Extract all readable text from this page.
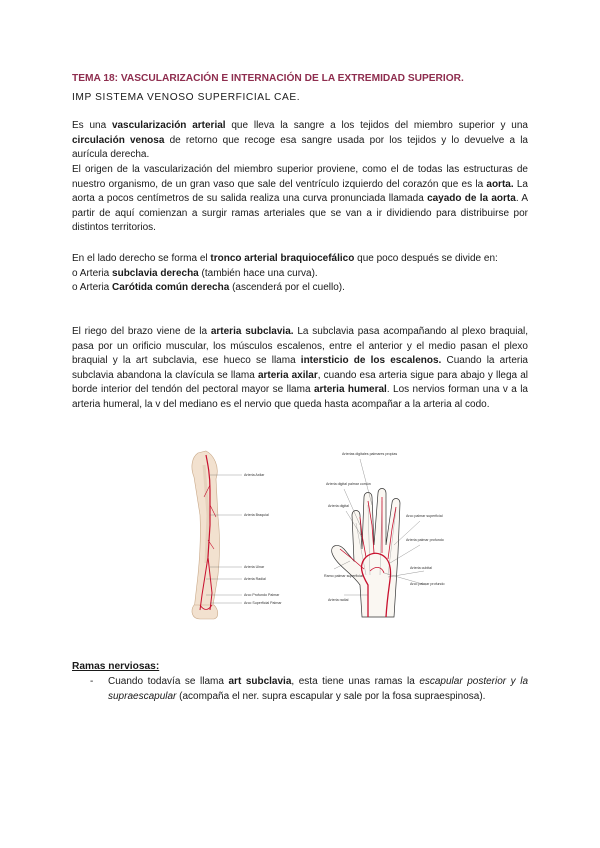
TEMA 18: VASCULARIZACIÓN E INTERNACIÓN DE LA EXTREMIDAD SUPERIOR.
IMP SISTEMA VENOSO SUPERFICIAL CAE.

Es una vascularización arterial que lleva la sangre a los tejidos del miembro superior y una circulación venosa de retorno que recoge esa sangre usada por los tejidos y lo devuelve a la aurícula derecha.

El origen de la vascularización del miembro superior proviene, como el de todas las estructuras de nuestro organismo, de un gran vaso que sale del ventrículo izquierdo del corazón que es la aorta. La aorta a pocos centímetros de su salida realiza una curva pronunciada llamada cayado de la aorta. A partir de aquí comienzan a surgir ramas arteriales que se van a ir dividiendo para distribuirse por distintos territorios.

En el lado derecho se forma el tronco arterial braquiocefálico que poco después se divide en:
o Arteria subclavia derecha (también hace una curva).
o Arteria Carótida común derecha (ascenderá por el cuello).

El riego del brazo viene de la arteria subclavia. La subclavia pasa acompañando al plexo braquial, pasa por un orificio muscular, los músculos escalenos, entre el anterior y el medio pasan el plexo braquial y la art subclavia, ese hueco se llama intersticio de los escalenos. Cuando la arteria subclavia abandona la clavícula se llama arteria axilar, cuando esa arteria sigue para abajo y llega al borde interior del tendón del pectoral mayor se llama arteria humeral. Los nervios forman una v a la arteria humeral, la v del mediano es el nervio que queda hasta acompañar a la arteria al codo.

Arteria Axilar
Arteria Braquial
Arteria Ulnar
Arteria Radial
Arco Profundo Palmar
Arco Superficial Palmar
Arterias digitales palmares propias
Arteria digital palmar común
Arteria digital
Arco palmar superficial
Arteria palmar profundo
Arteria radial
Arteria cubital
Arco palmar profundo
Ramo palmar superficial
Ramas nerviosas:
- Cuando todavía se llama art subclavia, esta tiene unas ramas la escapular posterior y la supraescapular (acompaña el ner. supra escapular y sale por la fosa supraespinosa).
